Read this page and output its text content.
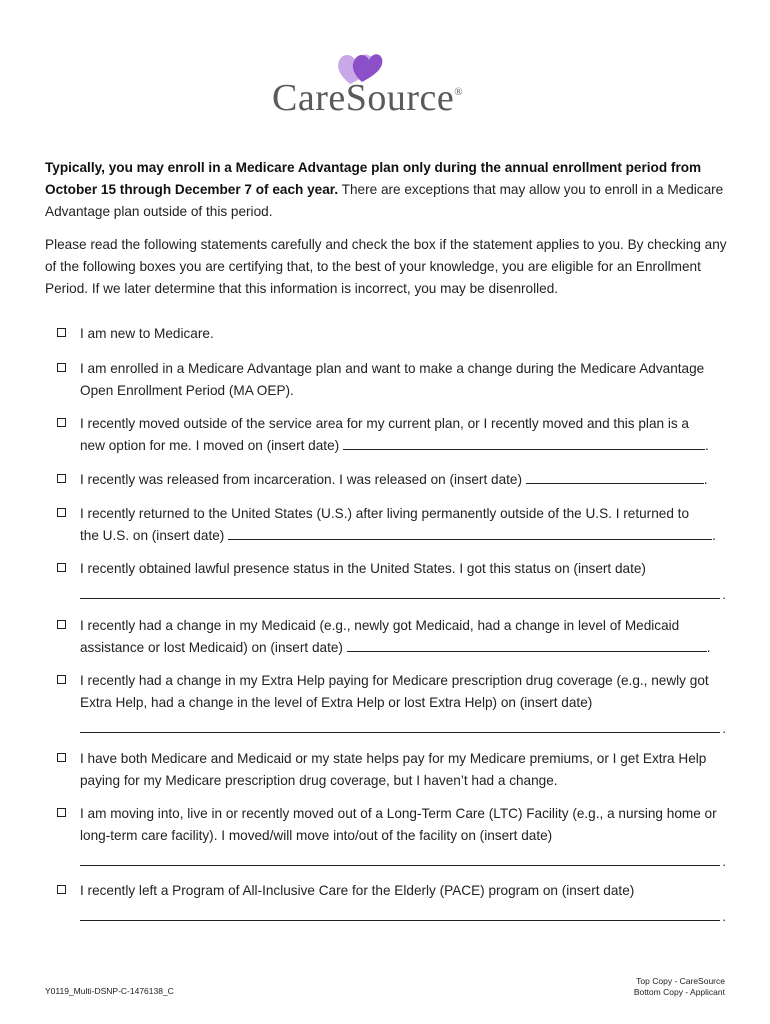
CareSource®
Typically, you may enroll in a Medicare Advantage plan only during the annual enrollment period from October 15 through December 7 of each year. There are exceptions that may allow you to enroll in a Medicare Advantage plan outside of this period.
Please read the following statements carefully and check the box if the statement applies to you. By checking any of the following boxes you are certifying that, to the best of your knowledge, you are eligible for an Enrollment Period. If we later determine that this information is incorrect, you may be disenrolled.
I am new to Medicare.
I am enrolled in a Medicare Advantage plan and want to make a change during the Medicare Advantage Open Enrollment Period (MA OEP).
I recently moved outside of the service area for my current plan, or I recently moved and this plan is a
new option for me. I moved on (insert date)	.
I recently was released from incarceration. I was released on (insert date)	.
I recently returned to the United States (U.S.) after living permanently outside of the U.S. I returned to
the U.S. on (insert date)	.
I recently obtained lawful presence status in the United States. I got this status on (insert date)
.
I recently had a change in my Medicaid (e.g., newly got Medicaid, had a change in level of Medicaid
assistance or lost Medicaid) on (insert date)	.
I recently had a change in my Extra Help paying for Medicare prescription drug coverage (e.g., newly got Extra Help, had a change in the level of Extra Help or lost Extra Help) on (insert date)
.
I have both Medicare and Medicaid or my state helps pay for my Medicare premiums, or I get Extra Help paying for my Medicare prescription drug coverage, but I haven’t had a change.
I am moving into, live in or recently moved out of a Long-Term Care (LTC) Facility (e.g., a nursing home or long-term care facility). I moved/will move into/out of the facility on (insert date)
.
I recently left a Program of All-Inclusive Care for the Elderly (PACE) program on (insert date)
.
Y0119_Multi-DSNP-C-1476138_C
Top Copy - CareSource
Bottom Copy - Applicant
